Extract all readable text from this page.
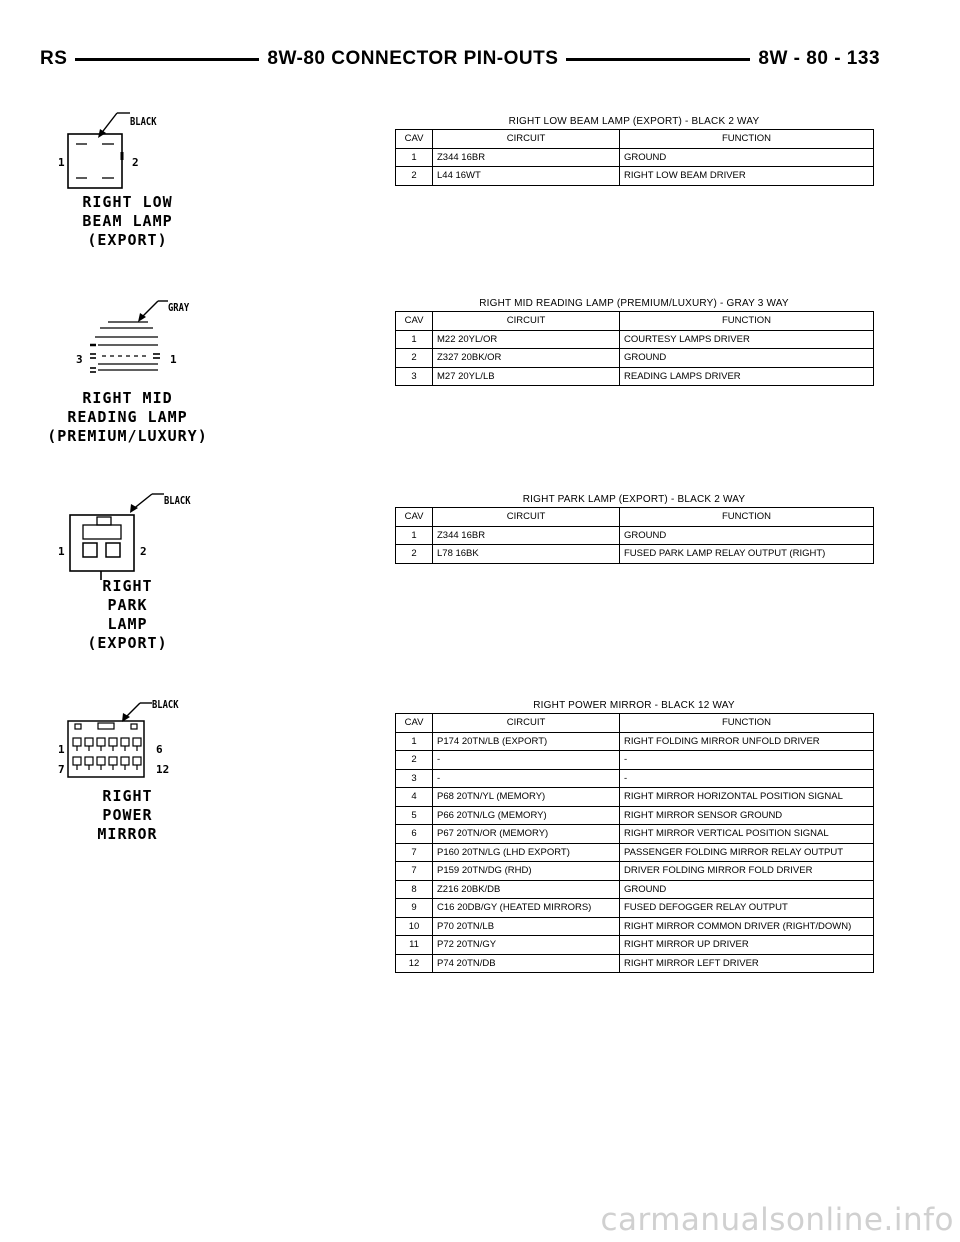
RS	8W-80 CONNECTOR PIN-OUTS	8W - 80 - 133
BLACK
1	2
RIGHT LOW
BEAM LAMP
(EXPORT)
RIGHT LOW BEAM LAMP (EXPORT) - BLACK 2 WAY
CAV	CIRCUIT	FUNCTION
1	Z344 16BR	GROUND
2	L44 16WT	RIGHT LOW BEAM DRIVER
GRAY
3	1
RIGHT MID
READING LAMP
(PREMIUM/LUXURY)
RIGHT MID READING LAMP (PREMIUM/LUXURY) - GRAY 3 WAY
CAV	CIRCUIT	FUNCTION
1	M22 20YL/OR	COURTESY LAMPS DRIVER
2	Z327 20BK/OR	GROUND
3	M27 20YL/LB	READING LAMPS DRIVER
BLACK
1	2
RIGHT
PARK
LAMP
(EXPORT)
RIGHT PARK LAMP (EXPORT) - BLACK 2 WAY
CAV	CIRCUIT	FUNCTION
1	Z344 16BR	GROUND
2	L78 16BK	FUSED PARK LAMP RELAY OUTPUT (RIGHT)
BLACK
1	6
7	12
RIGHT
POWER
MIRROR
RIGHT POWER MIRROR - BLACK 12 WAY
CAV	CIRCUIT	FUNCTION
1	P174 20TN/LB (EXPORT)	RIGHT FOLDING MIRROR UNFOLD DRIVER
2	-	-
3	-	-
4	P68 20TN/YL (MEMORY)	RIGHT MIRROR HORIZONTAL POSITION SIGNAL
5	P66 20TN/LG (MEMORY)	RIGHT MIRROR SENSOR GROUND
6	P67 20TN/OR (MEMORY)	RIGHT MIRROR VERTICAL POSITION SIGNAL
7	P160 20TN/LG (LHD EXPORT)	PASSENGER FOLDING MIRROR RELAY OUTPUT
7	P159 20TN/DG (RHD)	DRIVER FOLDING MIRROR FOLD DRIVER
8	Z216 20BK/DB	GROUND
9	C16 20DB/GY (HEATED MIRRORS)	FUSED DEFOGGER RELAY OUTPUT
10	P70 20TN/LB	RIGHT MIRROR COMMON DRIVER (RIGHT/DOWN)
11	P72 20TN/GY	RIGHT MIRROR UP DRIVER
12	P74 20TN/DB	RIGHT MIRROR LEFT DRIVER
carmanualsonline.info
